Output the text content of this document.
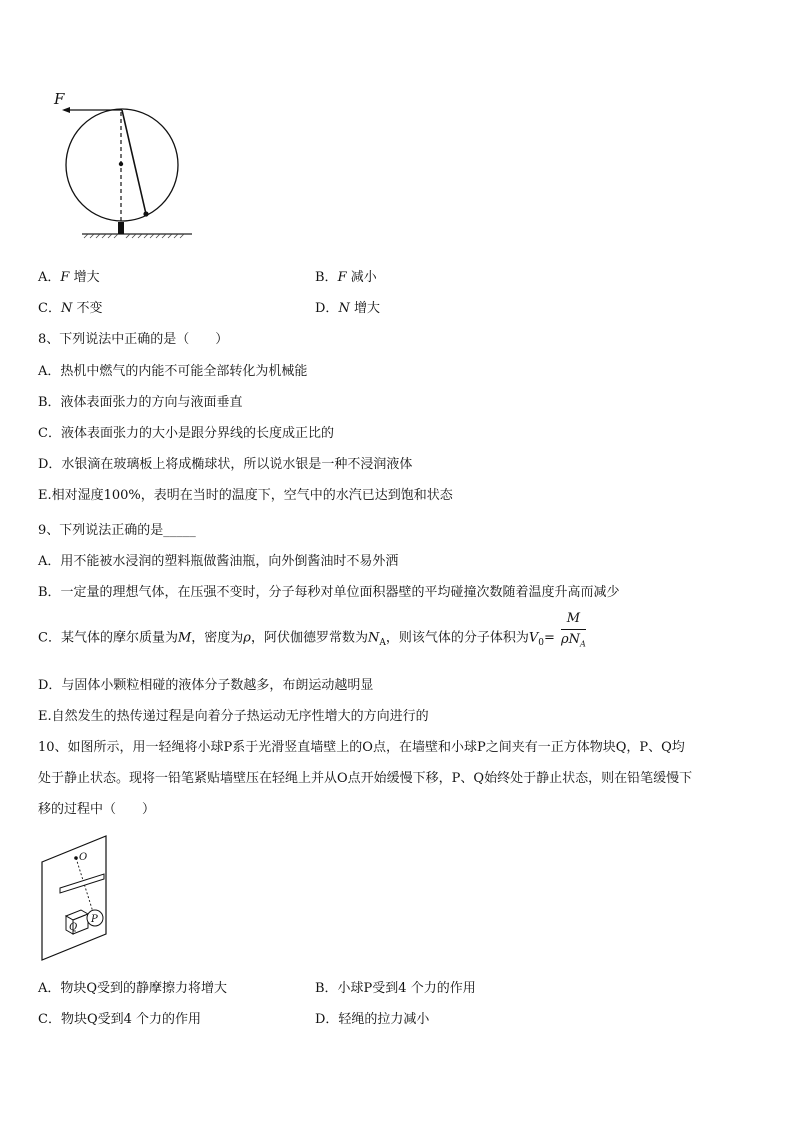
F
A．F 增大	B．F 减小
C．N 不变	D．N 增大
8、下列说法中正确的是（　　）
A．热机中燃气的内能不可能全部转化为机械能
B．液体表面张力的方向与液面垂直
C．液体表面张力的大小是跟分界线的长度成正比的
D．水银滴在玻璃板上将成椭球状，所以说水银是一种不浸润液体
E.相对湿度100%，表明在当时的温度下，空气中的水汽已达到饱和状态
9、下列说法正确的是_____
A．用不能被水浸润的塑料瓶做酱油瓶，向外倒酱油时不易外洒
B．一定量的理想气体，在压强不变时，分子每秒对单位面积器壁的平均碰撞次数随着温度升高而减少
C．某气体的摩尔质量为M，密度为ρ，阿伏伽德罗常数为$N_A$，则该气体的分子体积为$V_0= \frac{M}{\rho N_A}$
D．与固体小颗粒相碰的液体分子数越多，布朗运动越明显
E.自然发生的热传递过程是向着分子热运动无序性增大的方向进行的
10、如图所示，用一轻绳将小球P系于光滑竖直墙壁上的O点，在墙壁和小球P之间夹有一正方体物块Q，P、Q均
处于静止状态。现将一铅笔紧贴墙壁压在轻绳上并从O点开始缓慢下移，P、Q始终处于静止状态，则在铅笔缓慢下
移的过程中（　　）
O
Q
P
A．物块Q受到的静摩擦力将增大	B．小球P受到4 个力的作用
C．物块Q受到4 个力的作用	D．轻绳的拉力减小
